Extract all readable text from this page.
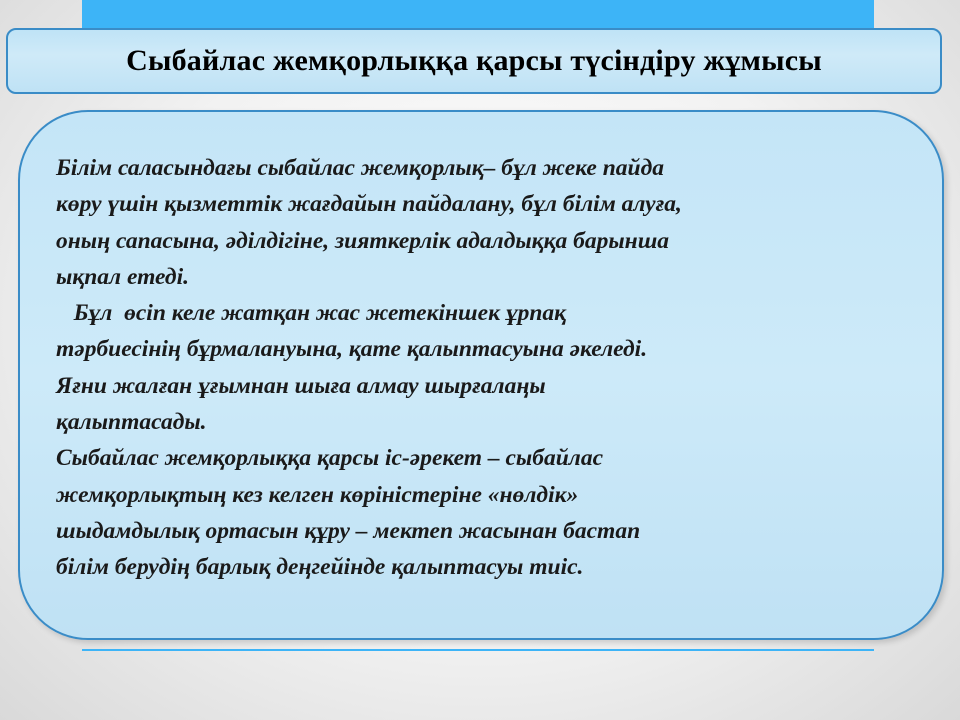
Сыбайлас жемқорлыққа қарсы түсіндіру жұмысы
Білім саласындағы сыбайлас жемқорлық– бұл жеке пайда
көру үшін қызметтік жағдайын пайдалану, бұл білім алуға,
оның сапасына, әділдігіне, зияткерлік адалдыққа барынша
ықпал етеді.
Бұл  өсіп келе жатқан жас жетекіншек ұрпақ
тәрбиесінің бұрмалануына, қате қалыптасуына әкеледі.
Яғни жалған ұғымнан шыға алмау шырғалаңы
қалыптасады.
Сыбайлас жемқорлыққа қарсы іс-әрекет – сыбайлас
жемқорлықтың кез келген көріністеріне «нөлдік»
шыдамдылық ортасын құру – мектеп жасынан бастап
білім берудің барлық деңгейінде қалыптасуы тиіс.
